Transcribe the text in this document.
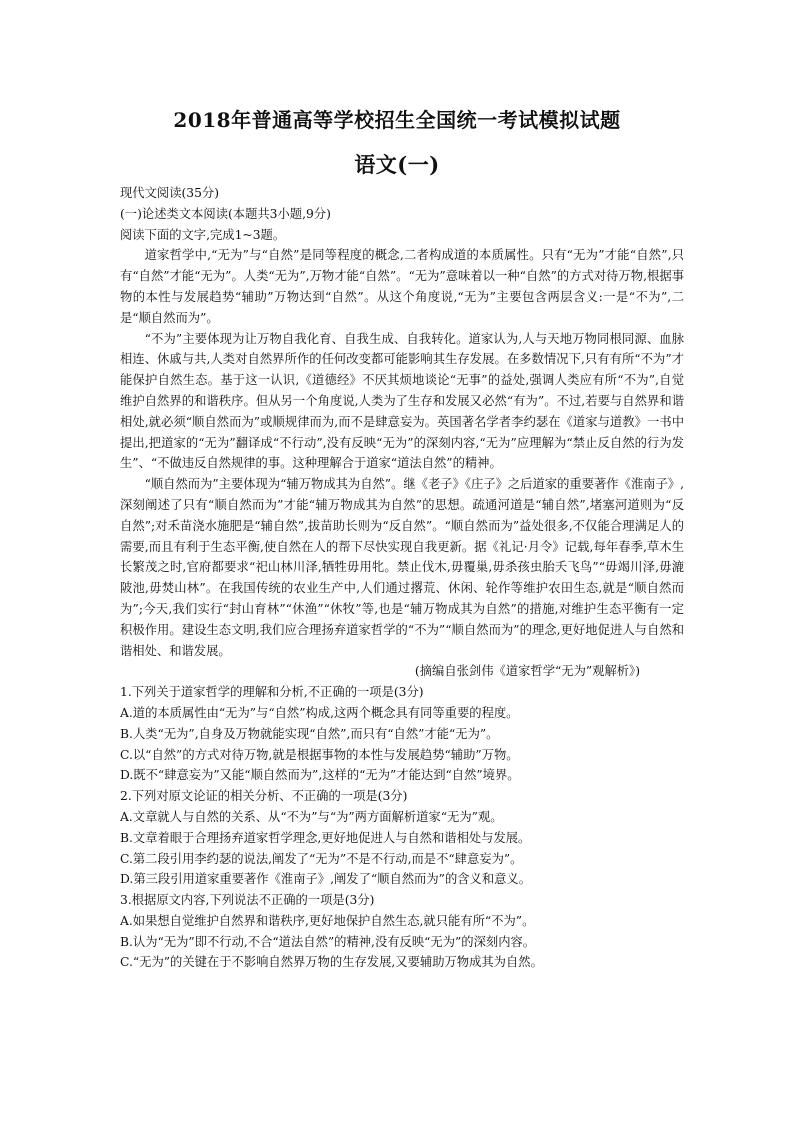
2018年普通高等学校招生全国统一考试模拟试题
语文(一)

现代文阅读(35分)

(一)论述类文本阅读(本题共3小题,9分)

阅读下面的文字,完成1~3题。

道家哲学中,“无为”与“自然”是同等程度的概念,二者构成道的本质属性。只有“无为”才能“自然”,只有“自然”才能“无为”。人类“无为”,万物才能“自然”。“无为”意味着以一种“自然”的方式对待万物,根据事物的本性与发展趋势“辅助”万物达到“自然”。从这个角度说,“无为”主要包含两层含义:一是“不为”,二是“顺自然而为”。

“不为”主要体现为让万物自我化育、自我生成、自我转化。道家认为,人与天地万物同根同源、血脉相连、休戚与共,人类对自然界所作的任何改变都可能影响其生存发展。在多数情况下,只有有所“不为”才能保护自然生态。基于这一认识,《道德经》不厌其烦地谈论“无事”的益处,强调人类应有所“不为”,自觉维护自然界的和谐秩序。但从另一个角度说,人类为了生存和发展又必然“有为”。不过,若要与自然界和谐相处,就必须“顺自然而为”或顺规律而为,而不是肆意妄为。英国著名学者李约瑟在《道家与道教》一书中提出,把道家的“无为”翻译成“不行动”,没有反映“无为”的深刻内容,“无为”应理解为“禁止反自然的行为发生”、“不做违反自然规律的事。这种理解合于道家“道法自然”的精神。

“顺自然而为”主要体现为“辅万物成其为自然”。继《老子》《庄子》之后道家的重要著作《淮南子》,深刻阐述了只有“顺自然而为”才能“辅万物成其为自然”的思想。疏通河道是“辅自然”,堵塞河道则为“反自然”;对禾苗浇水施肥是“辅自然”,拔苗助长则为“反自然”。“顺自然而为”益处很多,不仅能合理满足人的需要,而且有利于生态平衡,使自然在人的帮下尽快实现自我更新。据《礼记·月令》记载,每年春季,草木生长繁茂之时,官府都要求“祀山林川泽,牺牲毋用牝。禁止伐木,毋覆巢,毋杀孩虫胎夭飞鸟”“毋竭川泽,毋漉陂池,毋焚山林”。在我国传统的农业生产中,人们通过撂荒、休闲、轮作等维护农田生态,就是“顺自然而为”;今天,我们实行“封山育林”“休渔”“休牧”等,也是“辅万物成其为自然”的措施,对维护生态平衡有一定积极作用。建设生态文明,我们应合理扬弃道家哲学的“不为”“顺自然而为”的理念,更好地促进人与自然和谐相处、和谐发展。

(摘编自张剑伟《道家哲学“无为”观解析》)

1.下列关于道家哲学的理解和分析,不正确的一项是(3分)

A.道的本质属性由“无为”与“自然”构成,这两个概念具有同等重要的程度。

B.人类“无为”,自身及万物就能实现“自然”,而只有“自然”才能“无为”。

C.以“自然”的方式对待万物,就是根据事物的本性与发展趋势“辅助”万物。

D.既不“肆意妄为”又能“顺自然而为”,这样的“无为”才能达到“自然”境界。

2.下列对原文论证的相关分析、不正确的一项是(3分)

A.文章就人与自然的关系、从“不为”与“为”两方面解析道家“无为”观。

B.文章着眼于合理扬弃道家哲学理念,更好地促进人与自然和谐相处与发展。

C.第二段引用李约瑟的说法,阐发了“无为”不是不行动,而是不“肆意妄为”。

D.第三段引用道家重要著作《淮南子》,阐发了“顺自然而为”的含义和意义。

3.根据原文内容,下列说法不正确的一项是(3分)

A.如果想自觉维护自然界和谐秩序,更好地保护自然生态,就只能有所“不为”。

B.认为“无为”即不行动,不合“道法自然”的精神,没有反映“无为”的深刻内容。

C.“无为”的关键在于不影响自然界万物的生存发展,又要辅助万物成其为自然。
